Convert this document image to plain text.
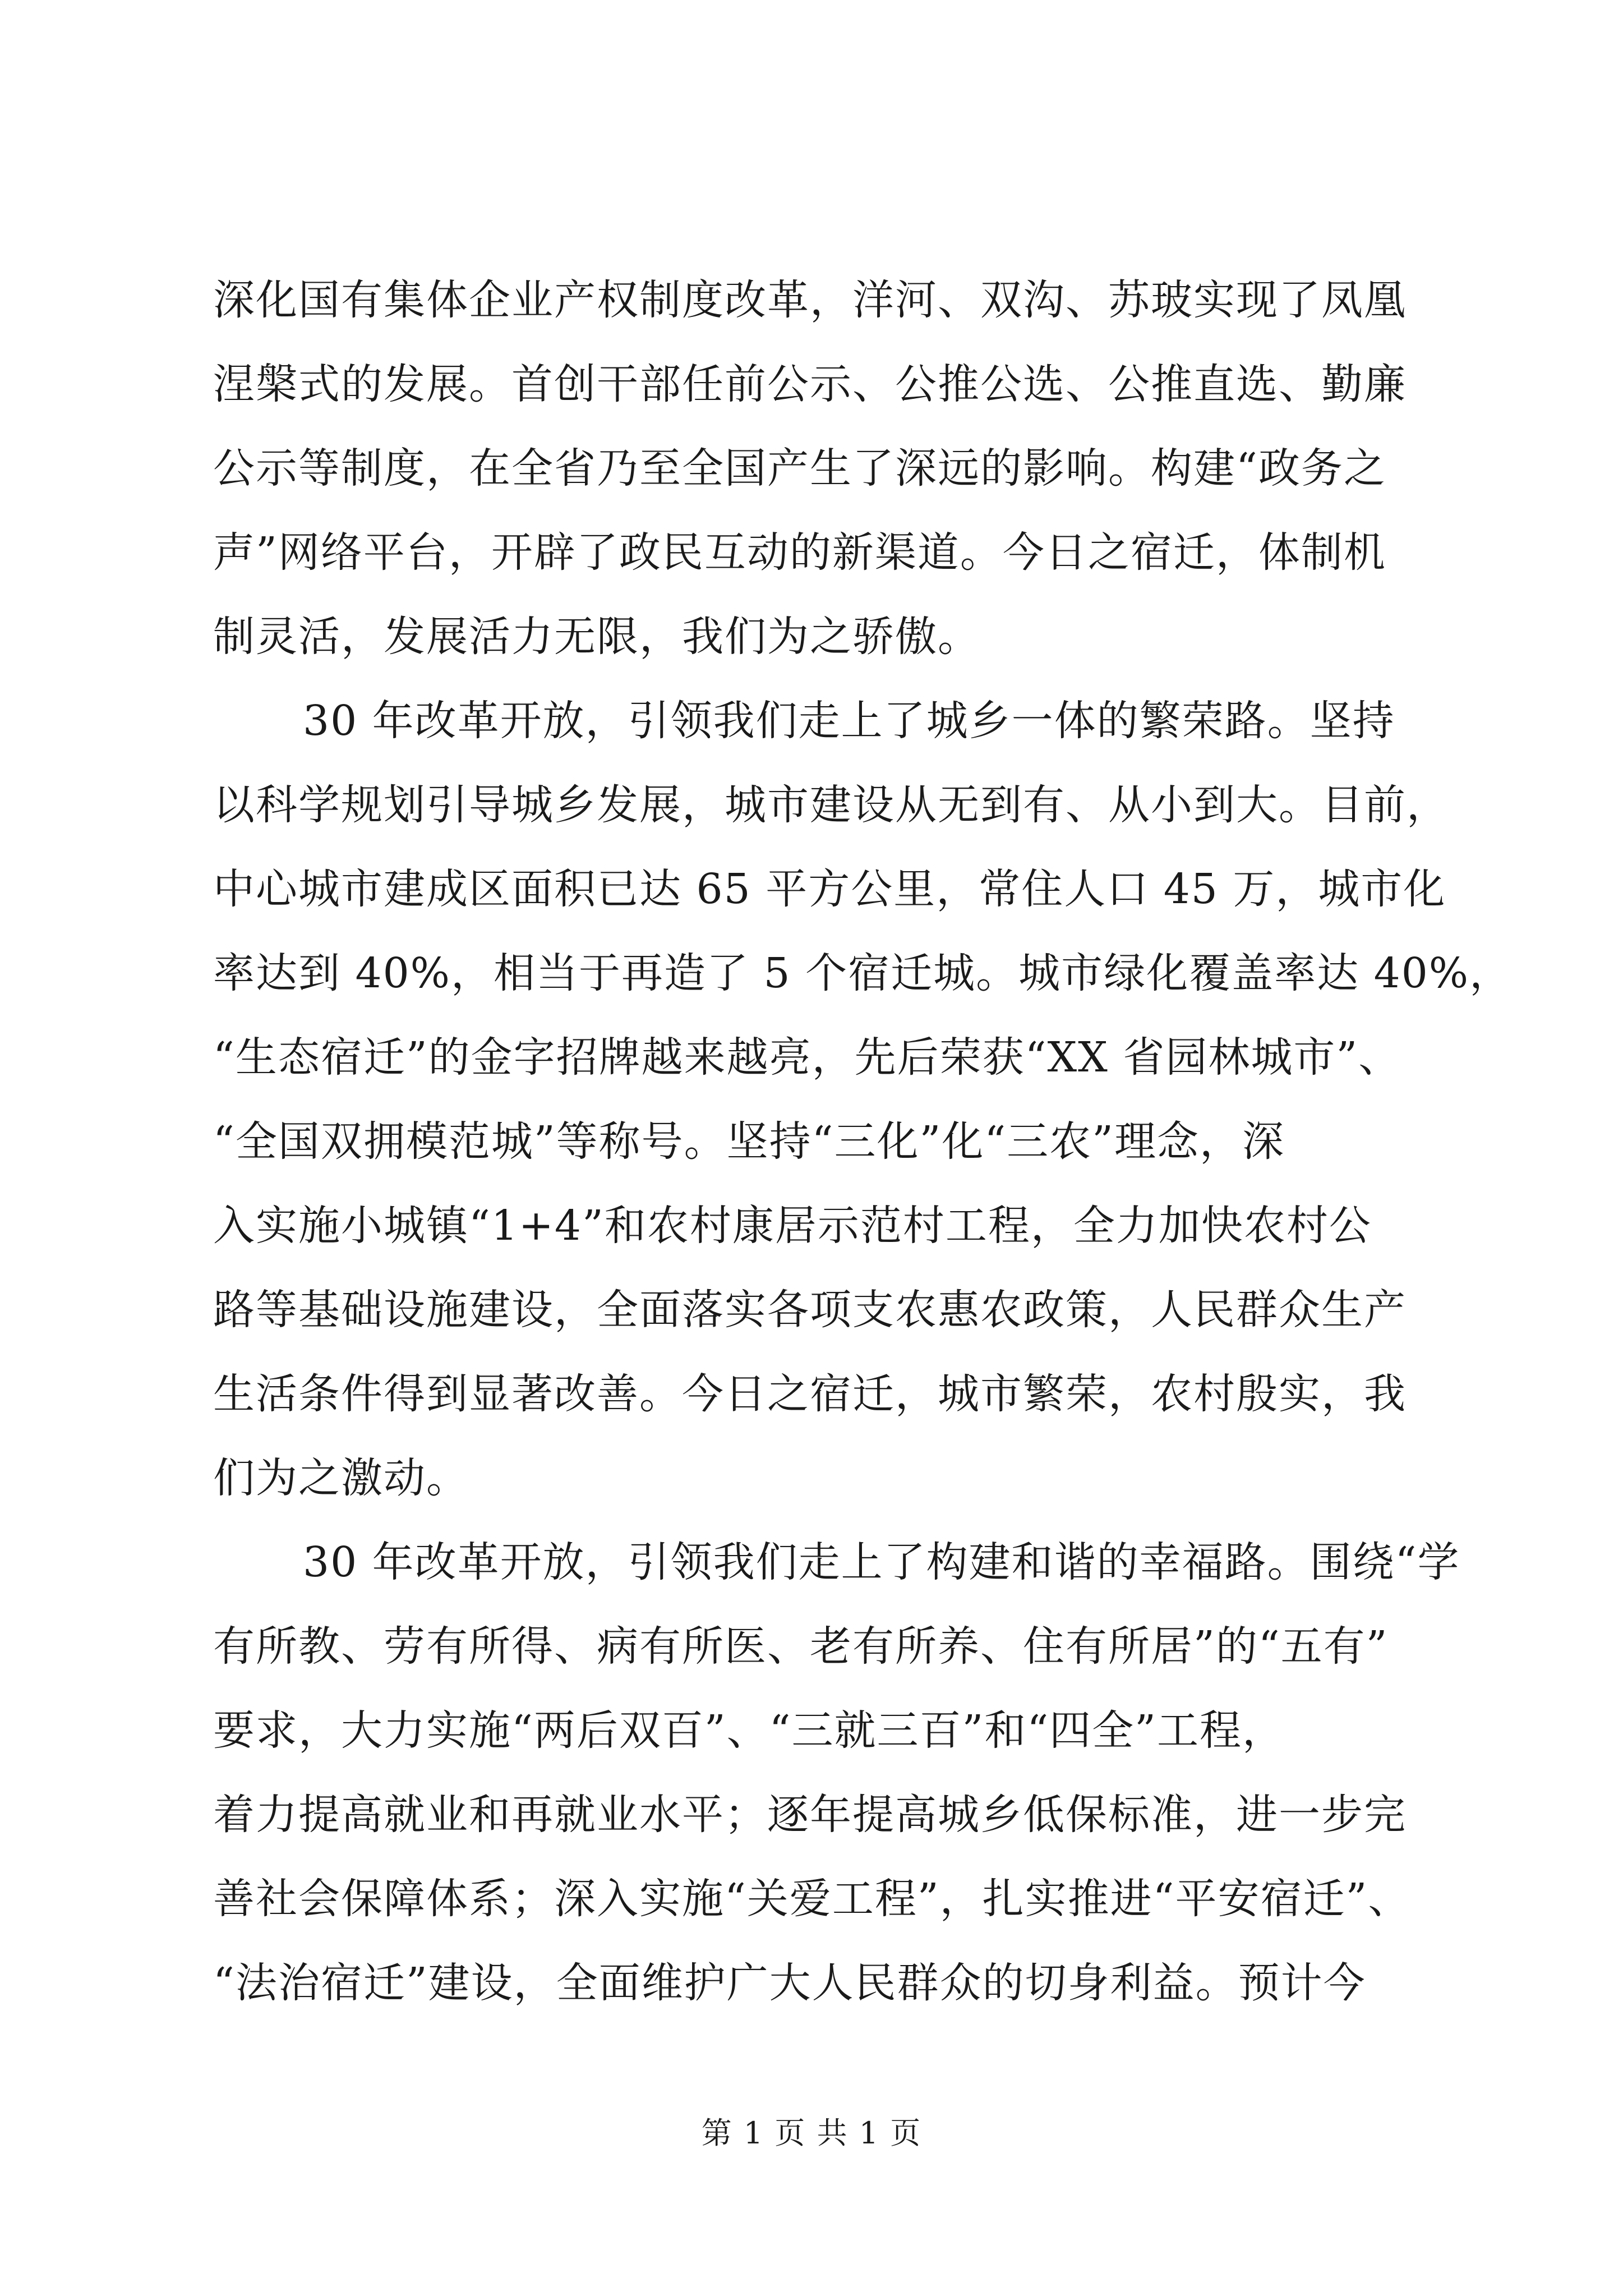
深化国有集体企业产权制度改革，洋河、双沟、苏玻实现了凤凰
涅槃式的发展。首创干部任前公示、公推公选、公推直选、勤廉
公示等制度，在全省乃至全国产生了深远的影响。构建“政务之
声”网络平台，开辟了政民互动的新渠道。今日之宿迁，体制机
制灵活，发展活力无限，我们为之骄傲。
30 年改革开放，引领我们走上了城乡一体的繁荣路。坚持
以科学规划引导城乡发展，城市建设从无到有、从小到大。目前，
中心城市建成区面积已达 65 平方公里，常住人口 45 万，城市化
率达到 40%，相当于再造了 5 个宿迁城。城市绿化覆盖率达 40%，
“生态宿迁”的金字招牌越来越亮，先后荣获“XX 省园林城市”、
“全国双拥模范城”等称号。坚持“三化”化“三农”理念，深
入实施小城镇“1+4”和农村康居示范村工程，全力加快农村公
路等基础设施建设，全面落实各项支农惠农政策，人民群众生产
生活条件得到显著改善。今日之宿迁，城市繁荣，农村殷实，我
们为之激动。
30 年改革开放，引领我们走上了构建和谐的幸福路。围绕“学
有所教、劳有所得、病有所医、老有所养、住有所居”的“五有”
要求，大力实施“两后双百”、“三就三百”和“四全”工程，
着力提高就业和再就业水平；逐年提高城乡低保标准，进一步完
善社会保障体系；深入实施“关爱工程”，扎实推进“平安宿迁”、
“法治宿迁”建设，全面维护广大人民群众的切身利益。预计今
第 1 页 共 1 页
